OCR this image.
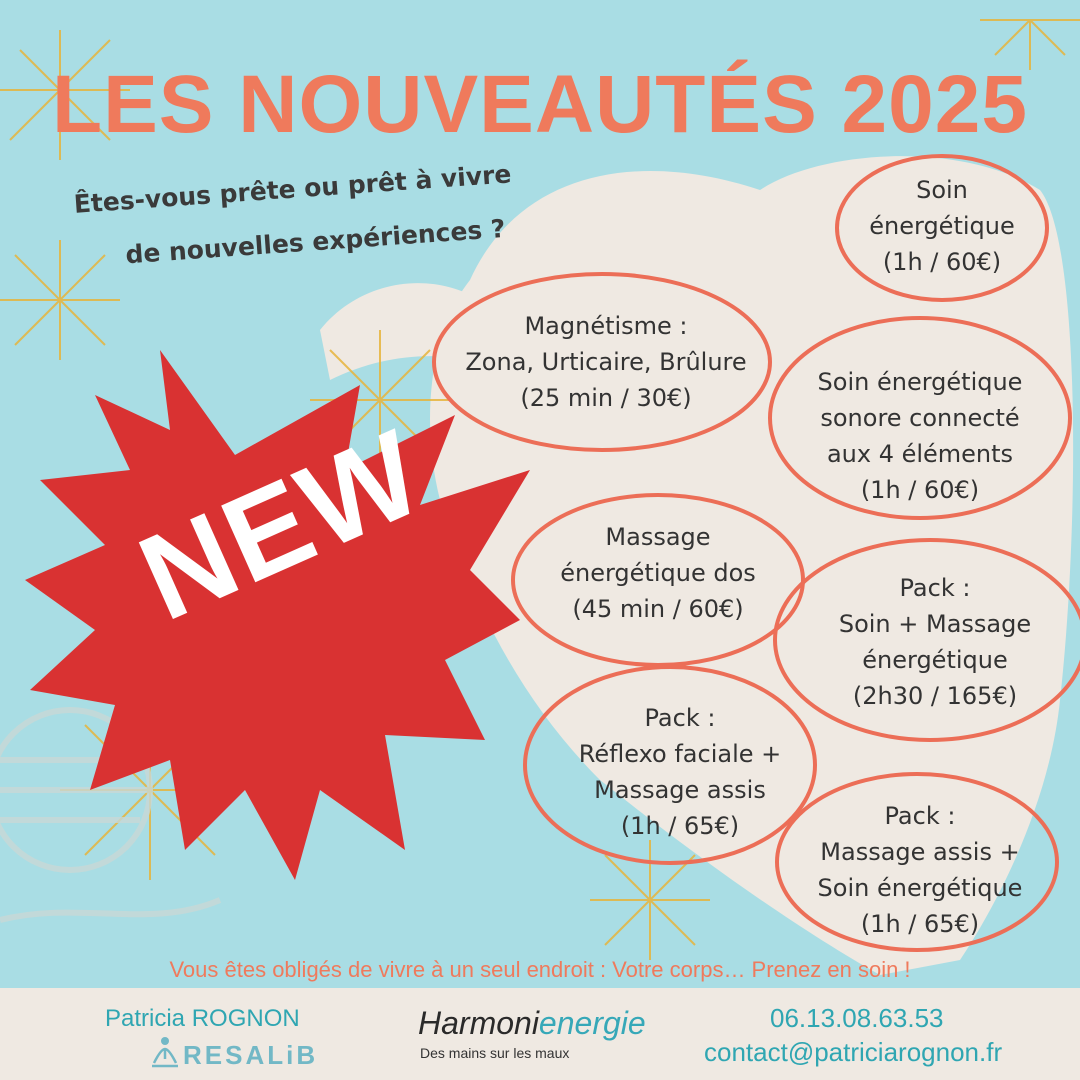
LES NOUVEAUTÉS 2025
Êtes-vous prête ou prêt à vivre
de nouvelles expériences ?
NEW
Soin
énergétique
(1h / 60€)
Magnétisme :
Zona, Urticaire, Brûlure
(25 min / 30€)
Soin énergétique
sonore connecté
aux 4 éléments
(1h / 60€)
Massage
énergétique dos
(45 min / 60€)
Pack :
Soin + Massage
énergétique
(2h30 / 165€)
Pack :
Réflexo faciale +
Massage assis
(1h / 65€)	Pack :
Massage assis +
Soin énergétique
(1h / 65€)
Vous êtes obligés de vivre à un seul endroit : Votre corps… Prenez en soin !
Patricia ROGNON
RESALiB
Harmonienergie
Des mains sur les maux
06.13.08.63.53
contact@patriciarognon.fr
